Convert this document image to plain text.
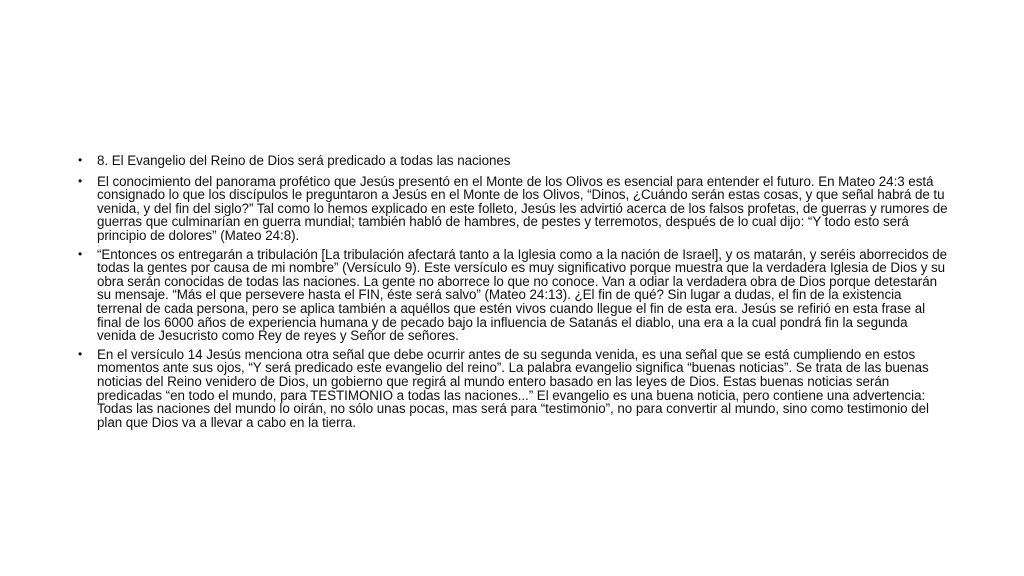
• 8. El Evangelio del Reino de Dios será predicado a todas las naciones
• El conocimiento del panorama profético que Jesús presentó en el Monte de los Olivos es esencial para entender el futuro. En Mateo 24:3 está consignado lo que los discípulos le preguntaron a Jesús en el Monte de los Olivos, “Dinos, ¿Cuándo serán estas cosas, y que señal habrá de tu venida, y del fin del siglo?” Tal como lo hemos explicado en este folleto, Jesús les advirtió acerca de los falsos profetas, de guerras y rumores de guerras que culminarían en guerra mundial; también habló de hambres, de pestes y terremotos, después de lo cual dijo: “Y todo esto será principio de dolores” (Mateo 24:8).
• “Entonces os entregarán a tribulación [La tribulación afectará tanto a la Iglesia como a la nación de Israel], y os matarán, y seréis aborrecidos de todas la gentes por causa de mi nombre” (Versículo 9). Este versículo es muy significativo porque muestra que la verdadera Iglesia de Dios y su obra serán conocidas de todas las naciones. La gente no aborrece lo que no conoce. Van a odiar la verdadera obra de Dios porque detestarán su mensaje. “Más el que persevere hasta el FIN, éste será salvo” (Mateo 24:13). ¿El fin de qué? Sin lugar a dudas, el fin de la existencia terrenal de cada persona, pero se aplica también a aquéllos que estén vivos cuando llegue el fin de esta era. Jesús se refirió en esta frase al final de los 6000 años de experiencia humana y de pecado bajo la influencia de Satanás el diablo, una era a la cual pondrá fin la segunda venida de Jesucristo como Rey de reyes y Señor de señores.
• En el versículo 14 Jesús menciona otra señal que debe ocurrir antes de su segunda venida, es una señal que se está cumpliendo en estos momentos ante sus ojos, “Y será predicado este evangelio del reino”. La palabra evangelio significa “buenas noticias”. Se trata de las buenas noticias del Reino venidero de Dios, un gobierno que regirá al mundo entero basado en las leyes de Dios. Estas buenas noticias serán predicadas “en todo el mundo, para TESTIMONIO a todas las naciones...” El evangelio es una buena noticia, pero contiene una advertencia: Todas las naciones del mundo lo oirán, no sólo unas pocas, mas será para “testimonio”, no para convertir al mundo, sino como testimonio del plan que Dios va a llevar a cabo en la tierra.
